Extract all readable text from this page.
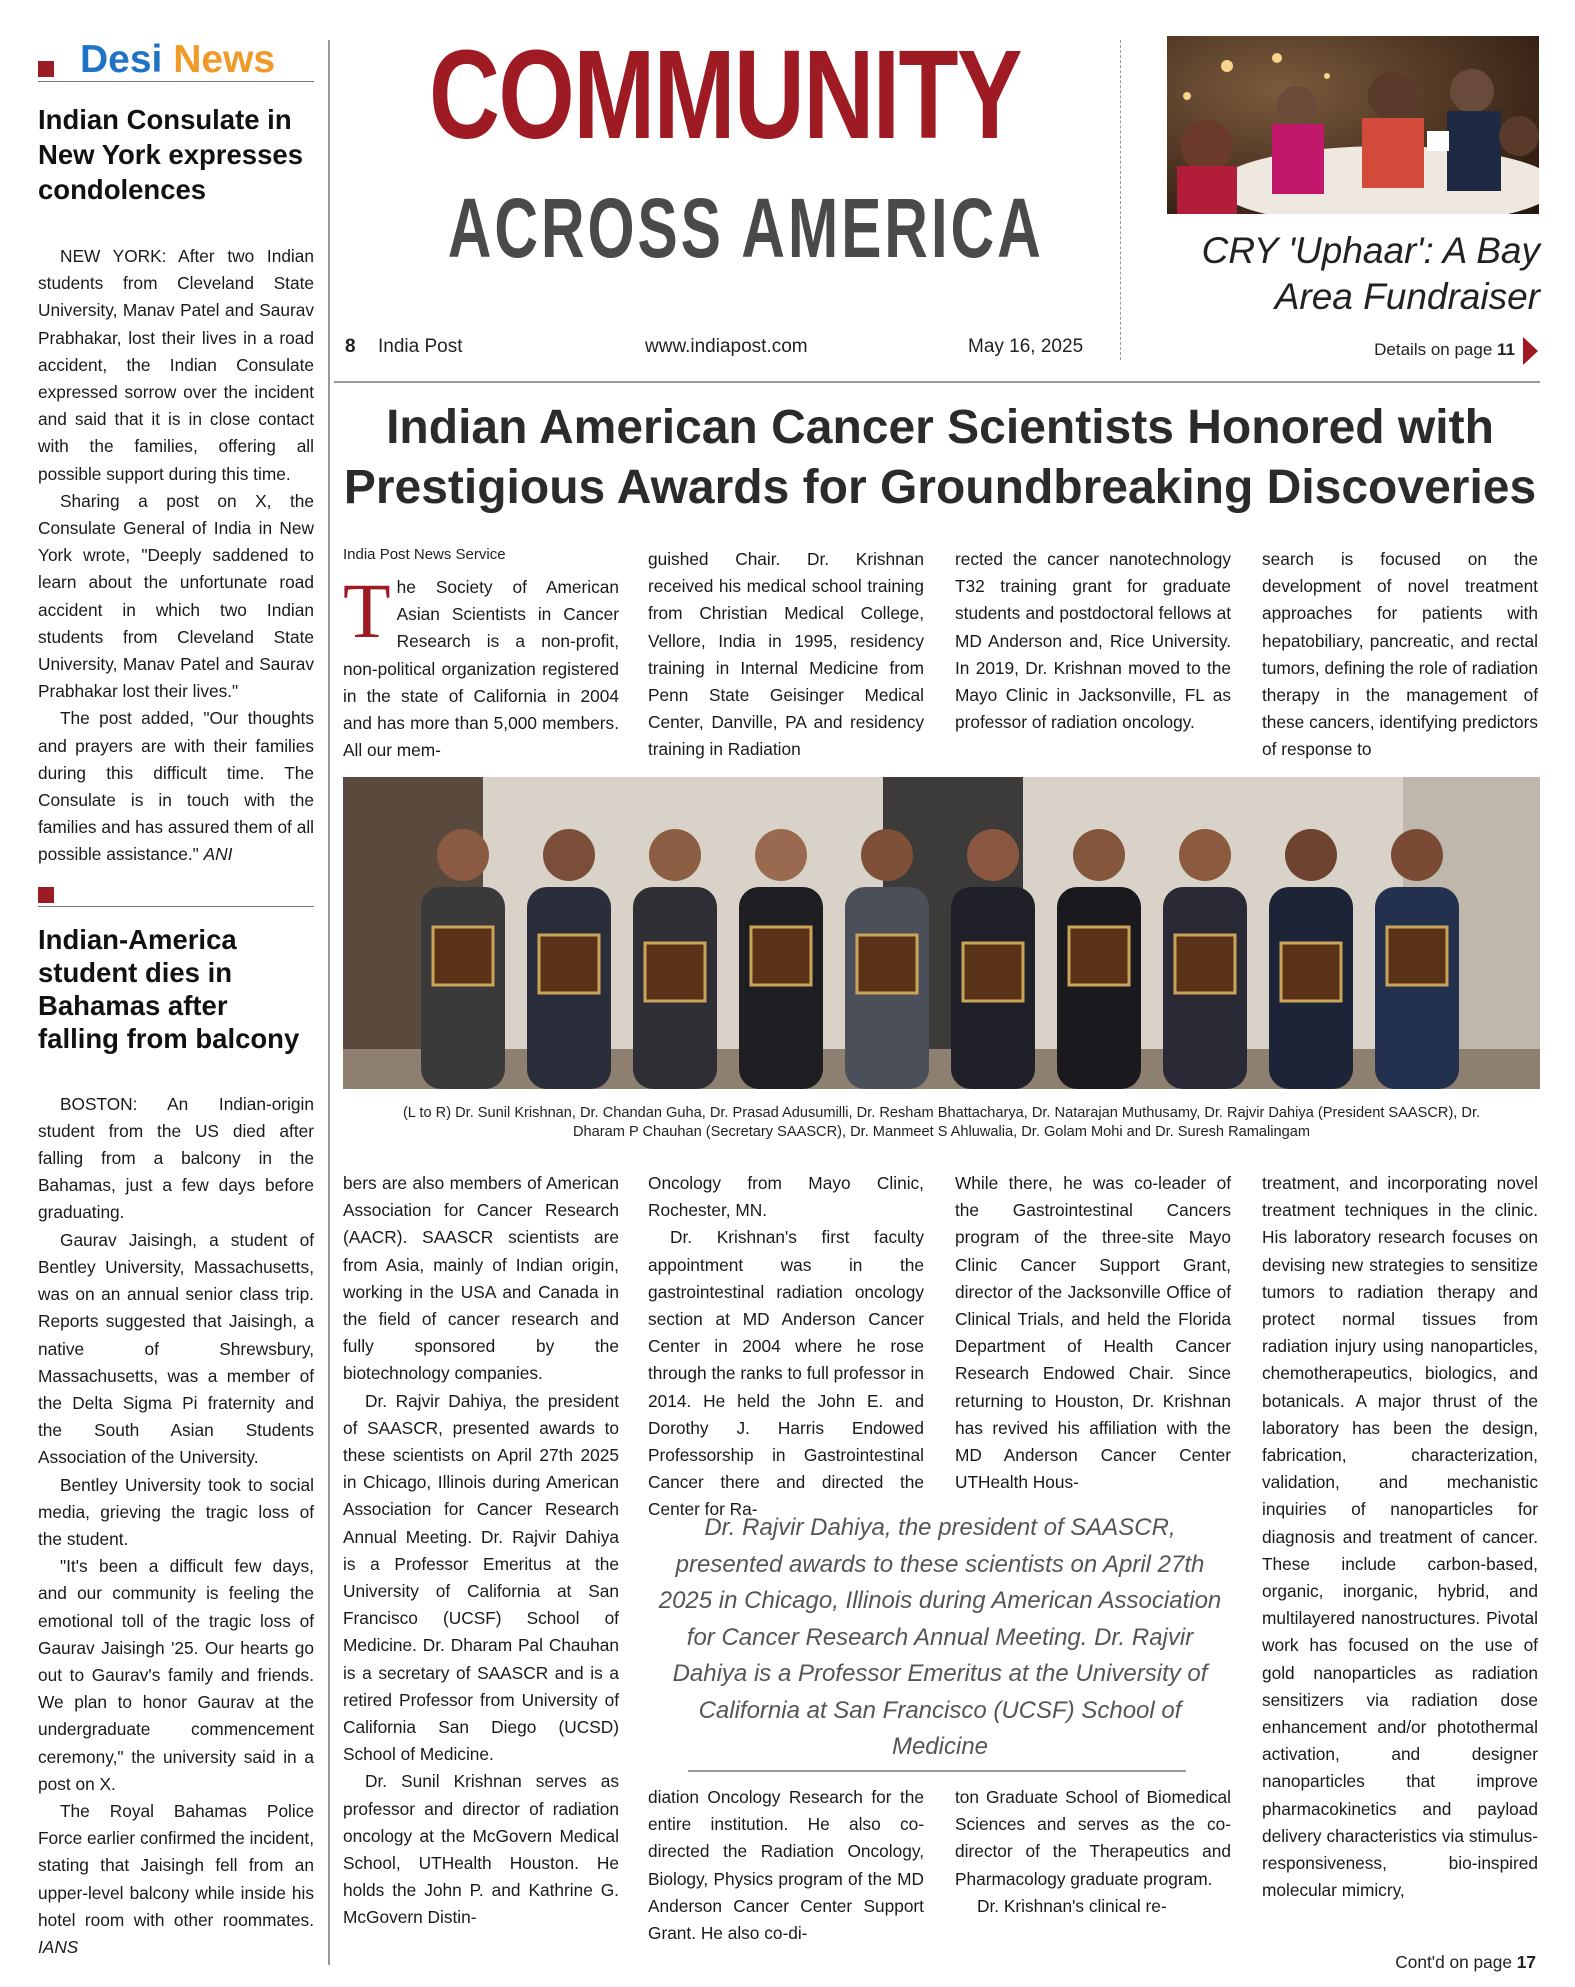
Desi News
Indian Consulate in New York expresses condolences

NEW YORK: After two Indian students from Cleveland State University, Manav Patel and Saurav Prabhakar, lost their lives in a road accident, the Indian Consulate expressed sorrow over the incident and said that it is in close contact with the families, offering all possible support during this time.

Sharing a post on X, the Consulate General of India in New York wrote, "Deeply saddened to learn about the unfortunate road accident in which two Indian students from Cleveland State University, Manav Patel and Saurav Prabhakar lost their lives."

The post added, "Our thoughts and prayers are with their families during this difficult time. The Consulate is in touch with the families and has assured them of all possible assistance." ANI

Indian-America student dies in Bahamas after falling from balcony

BOSTON: An Indian-origin student from the US died after falling from a balcony in the Bahamas, just a few days before graduating.

Gaurav Jaisingh, a student of Bentley University, Massachusetts, was on an annual senior class trip. Reports suggested that Jaisingh, a native of Shrewsbury, Massachusetts, was a member of the Delta Sigma Pi fraternity and the South Asian Students Association of the University.

Bentley University took to social media, grieving the tragic loss of the student.

"It's been a difficult few days, and our community is feeling the emotional toll of the tragic loss of Gaurav Jaisingh '25. Our hearts go out to Gaurav's family and friends. We plan to honor Gaurav at the undergraduate commencement ceremony," the university said in a post on X.

The Royal Bahamas Police Force earlier confirmed the incident, stating that Jaisingh fell from an upper-level balcony while inside his hotel room with other roommates. IANS

COMMUNITY
ACROSS AMERICA
8 India Post	www.indiapost.com	May 16, 2025
CRY 'Uphaar': A Bay Area Fundraiser
Details on page 11
Indian American Cancer Scientists Honored with Prestigious Awards for Groundbreaking Discoveries
India Post News Service

The Society of American Asian Scientists in Cancer Research is a non-profit, non-political organization registered in the state of California in 2004 and has more than 5,000 members. All our mem-

guished Chair. Dr. Krishnan received his medical school training from Christian Medical College, Vellore, India in 1995, residency training in Internal Medicine from Penn State Geisinger Medical Center, Danville, PA and residency training in Radiation

rected the cancer nanotechnology T32 training grant for graduate students and postdoctoral fellows at MD Anderson and, Rice University. In 2019, Dr. Krishnan moved to the Mayo Clinic in Jacksonville, FL as professor of radiation oncology.

search is focused on the development of novel treatment approaches for patients with hepatobiliary, pancreatic, and rectal tumors, defining the role of radiation therapy in the management of these cancers, identifying predictors of response to

(L to R) Dr. Sunil Krishnan, Dr. Chandan Guha, Dr. Prasad Adusumilli, Dr. Resham Bhattacharya, Dr. Natarajan Muthusamy, Dr. Rajvir Dahiya (President SAASCR), Dr. Dharam P Chauhan (Secretary SAASCR), Dr. Manmeet S Ahluwalia, Dr. Golam Mohi and Dr. Suresh Ramalingam

bers are also members of American Association for Cancer Research (AACR). SAASCR scientists are from Asia, mainly of Indian origin, working in the USA and Canada in the field of cancer research and fully sponsored by the biotechnology companies.

Dr. Rajvir Dahiya, the president of SAASCR, presented awards to these scientists on April 27th 2025 in Chicago, Illinois during American Association for Cancer Research Annual Meeting. Dr. Rajvir Dahiya is a Professor Emeritus at the University of California at San Francisco (UCSF) School of Medicine. Dr. Dharam Pal Chauhan is a secretary of SAASCR and is a retired Professor from University of California San Diego (UCSD) School of Medicine.

Dr. Sunil Krishnan serves as professor and director of radiation oncology at the McGovern Medical School, UTHealth Houston. He holds the John P. and Kathrine G. McGovern Distin-

Oncology from Mayo Clinic, Rochester, MN.

Dr. Krishnan's first faculty appointment was in the gastrointestinal radiation oncology section at MD Anderson Cancer Center in 2004 where he rose through the ranks to full professor in 2014. He held the John E. and Dorothy J. Harris Endowed Professorship in Gastrointestinal Cancer there and directed the Center for Ra-

While there, he was co-leader of the Gastrointestinal Cancers program of the three-site Mayo Clinic Cancer Support Grant, director of the Jacksonville Office of Clinical Trials, and held the Florida Department of Health Cancer Research Endowed Chair. Since returning to Houston, Dr. Krishnan has revived his affiliation with the MD Anderson Cancer Center UTHealth Hous-

Dr. Rajvir Dahiya, the president of SAASCR, presented awards to these scientists on April 27th 2025 in Chicago, Illinois during American Association for Cancer Research Annual Meeting. Dr. Rajvir Dahiya is a Professor Emeritus at the University of California at San Francisco (UCSF) School of Medicine

diation Oncology Research for the entire institution. He also co-directed the Radiation Oncology, Biology, Physics program of the MD Anderson Cancer Center Support Grant. He also co-di-

ton Graduate School of Biomedical Sciences and serves as the co-director of the Therapeutics and Pharmacology graduate program.

Dr. Krishnan's clinical re-

treatment, and incorporating novel treatment techniques in the clinic. His laboratory research focuses on devising new strategies to sensitize tumors to radiation therapy and protect normal tissues from radiation injury using nanoparticles, chemotherapeutics, biologics, and botanicals. A major thrust of the laboratory has been the design, fabrication, characterization, validation, and mechanistic inquiries of nanoparticles for diagnosis and treatment of cancer. These include carbon-based, organic, inorganic, hybrid, and multilayered nanostructures. Pivotal work has focused on the use of gold nanoparticles as radiation sensitizers via radiation dose enhancement and/or photothermal activation, and designer nanoparticles that improve pharmacokinetics and payload delivery characteristics via stimulus-responsiveness, bio-inspired molecular mimicry,

Cont'd on page 17
